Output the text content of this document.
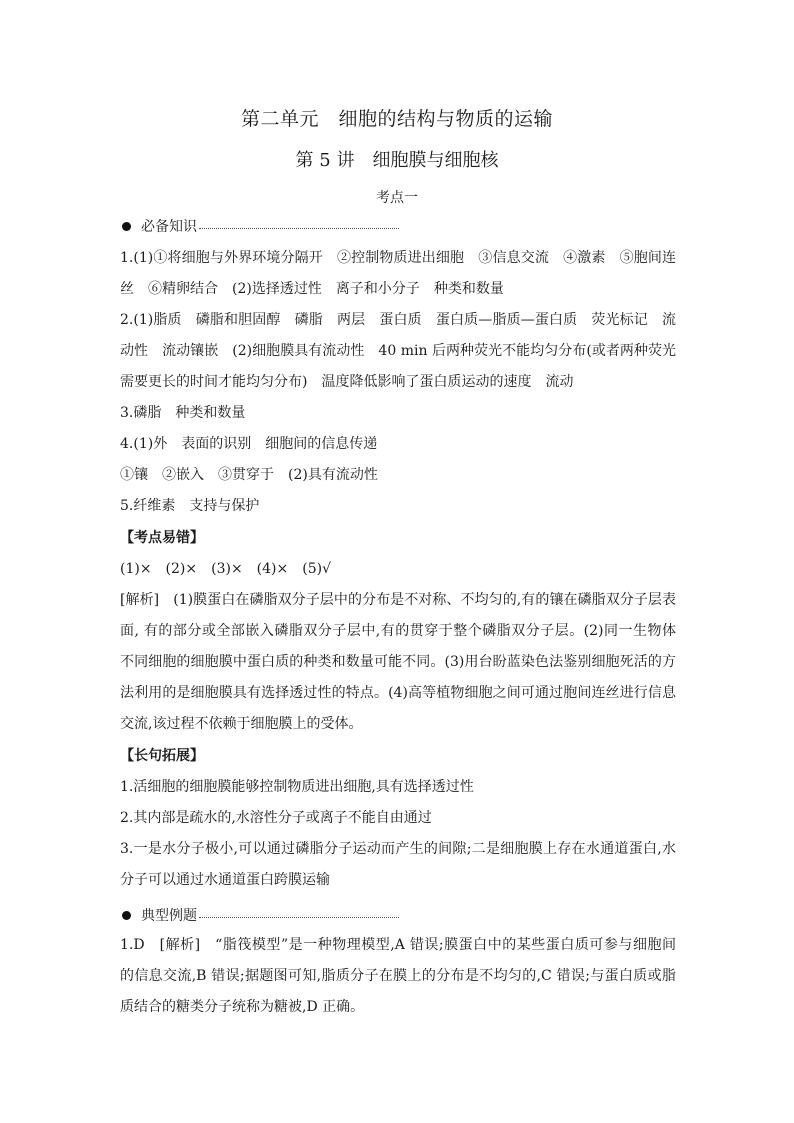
第二单元　细胞的结构与物质的运输
第 5 讲　细胞膜与细胞核
考点一
必备知识
1.(1)①将细胞与外界环境分隔开　②控制物质进出细胞　③信息交流　④激素　⑤胞间连
丝　⑥精卵结合　(2)选择透过性　离子和小分子　种类和数量
2.(1)脂质　磷脂和胆固醇　磷脂　两层　蛋白质　蛋白质—脂质—蛋白质　荧光标记　流
动性　流动镶嵌　(2)细胞膜具有流动性　40 min 后两种荧光不能均匀分布(或者两种荧光
需要更长的时间才能均匀分布)　温度降低影响了蛋白质运动的速度　流动
3.磷脂　种类和数量
4.(1)外　表面的识别　细胞间的信息传递
①镶　②嵌入　③贯穿于　(2)具有流动性
5.纤维素　支持与保护
【考点易错】
(1)×　(2)×　(3)×　(4)×　(5)√
[解析]　(1)膜蛋白在磷脂双分子层中的分布是不对称、不均匀的,有的镶在磷脂双分子层表
面, 有的部分或全部嵌入磷脂双分子层中,有的贯穿于整个磷脂双分子层。(2)同一生物体
不同细胞的细胞膜中蛋白质的种类和数量可能不同。(3)用台盼蓝染色法鉴别细胞死活的方
法利用的是细胞膜具有选择透过性的特点。(4)高等植物细胞之间可通过胞间连丝进行信息
交流,该过程不依赖于细胞膜上的受体。
【长句拓展】
1.活细胞的细胞膜能够控制物质进出细胞,具有选择透过性
2.其内部是疏水的,水溶性分子或离子不能自由通过
3.一是水分子极小,可以通过磷脂分子运动而产生的间隙;二是细胞膜上存在水通道蛋白,水
分子可以通过水通道蛋白跨膜运输
典型例题
1.D　[解析]　“脂筏模型”是一种物理模型,A 错误;膜蛋白中的某些蛋白质可参与细胞间
的信息交流,B 错误;据题图可知,脂质分子在膜上的分布是不均匀的,C 错误;与蛋白质或脂
质结合的糖类分子统称为糖被,D 正确。
